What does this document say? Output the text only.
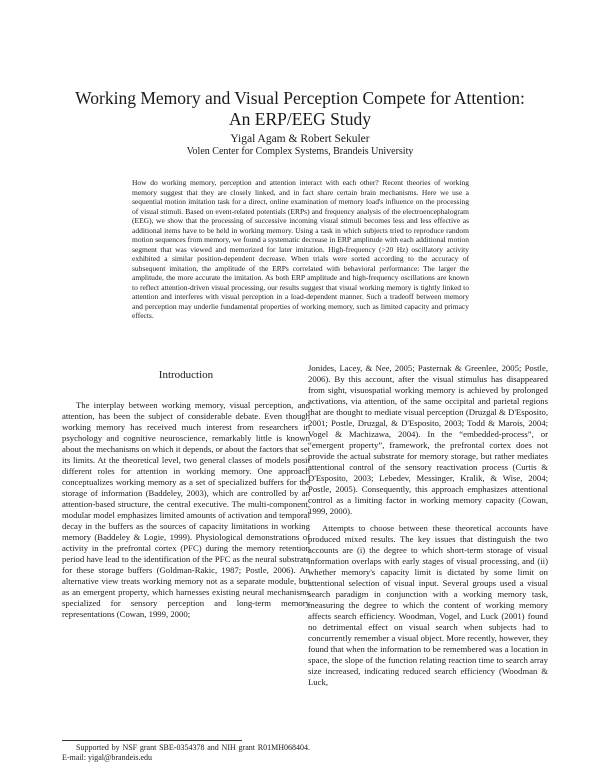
Working Memory and Visual Perception Compete for Attention:
An ERP/EEG Study
Yigal Agam & Robert Sekuler
Volen Center for Complex Systems, Brandeis University
How do working memory, perception and attention interact with each other? Recent theories of working memory suggest that they are closely linked, and in fact share certain brain mechanisms. Here we use a sequential motion imitation task for a direct, online examination of memory load's influence on the processing of visual stimuli. Based on event-related potentials (ERPs) and frequency analysis of the electroencephalogram (EEG), we show that the processing of successive incoming visual stimuli becomes less and less effective as additional items have to be held in working memory. Using a task in which subjects tried to reproduce random motion sequences from memory, we found a systematic decrease in ERP amplitude with each additional motion segment that was viewed and memorized for later imitation. High-frequency (>20 Hz) oscillatory activity exhibited a similar position-dependent decrease. When trials were sorted according to the accuracy of subsequent imitation, the amplitude of the ERPs correlated with behavioral performance: The larger the amplitude, the more accurate the imitation. As both ERP amplitude and high-frequency oscillations are known to reflect attention-driven visual processing, our results suggest that visual working memory is tightly linked to attention and interferes with visual perception in a load-dependent manner. Such a tradeoff between memory and perception may underlie fundamental properties of working memory, such as limited capacity and primacy effects.
Introduction

The interplay between working memory, visual perception, and attention, has been the subject of considerable debate. Even though working memory has received much interest from researchers in psychology and cognitive neuroscience, remarkably little is known about the mechanisms on which it depends, or about the factors that set its limits. At the theoretical level, two general classes of models posit different roles for attention in working memory. One approach conceptualizes working memory as a set of specialized buffers for the storage of information (Baddeley, 2003), which are controlled by an attention-based structure, the central executive. The multi-component, modular model emphasizes limited amounts of activation and temporal decay in the buffers as the sources of capacity limitations in working memory (Baddeley & Logie, 1999). Physiological demonstrations of activity in the prefrontal cortex (PFC) during the memory retention period have lead to the identification of the PFC as the neural substrate for these storage buffers (Goldman-Rakic, 1987; Postle, 2006). An alternative view treats working memory not as a separate module, but as an emergent property, which harnesses existing neural mechanisms specialized for sensory perception and long-term memory representations (Cowan, 1999, 2000;

Jonides, Lacey, & Nee, 2005; Pasternak & Greenlee, 2005; Postle, 2006). By this account, after the visual stimulus has disappeared from sight, visuospatial working memory is achieved by prolonged activations, via attention, of the same occipital and parietal regions that are thought to mediate visual perception (Druzgal & D'Esposito, 2001; Postle, Druzgal, & D'Esposito, 2003; Todd & Marois, 2004; Vogel & Machizawa, 2004). In the “embedded-process”, or “emergent property”, framework, the prefrontal cortex does not provide the actual substrate for memory storage, but rather mediates attentional control of the sensory reactivation process (Curtis & D'Esposito, 2003; Lebedev, Messinger, Kralik, & Wise, 2004; Postle, 2005). Consequently, this approach emphasizes attentional control as a limiting factor in working memory capacity (Cowan, 1999, 2000).

Attempts to choose between these theoretical accounts have produced mixed results. The key issues that distinguish the two accounts are (i) the degree to which short-term storage of visual information overlaps with early stages of visual processing, and (ii) whether memory's capacity limit is dictated by some limit on attentional selection of visual input. Several groups used a visual search paradigm in conjunction with a working memory task, measuring the degree to which the content of working memory affects search efficiency. Woodman, Vogel, and Luck (2001) found no detrimental effect on visual search when subjects had to concurrently remember a visual object. More recently, however, they found that when the information to be remembered was a location in space, the slope of the function relating reaction time to search array size increased, indicating reduced search efficiency (Woodman & Luck,

Supported by NSF grant SBE-0354378 and NIH grant R01MH068404. E-mail: yigal@brandeis.edu
